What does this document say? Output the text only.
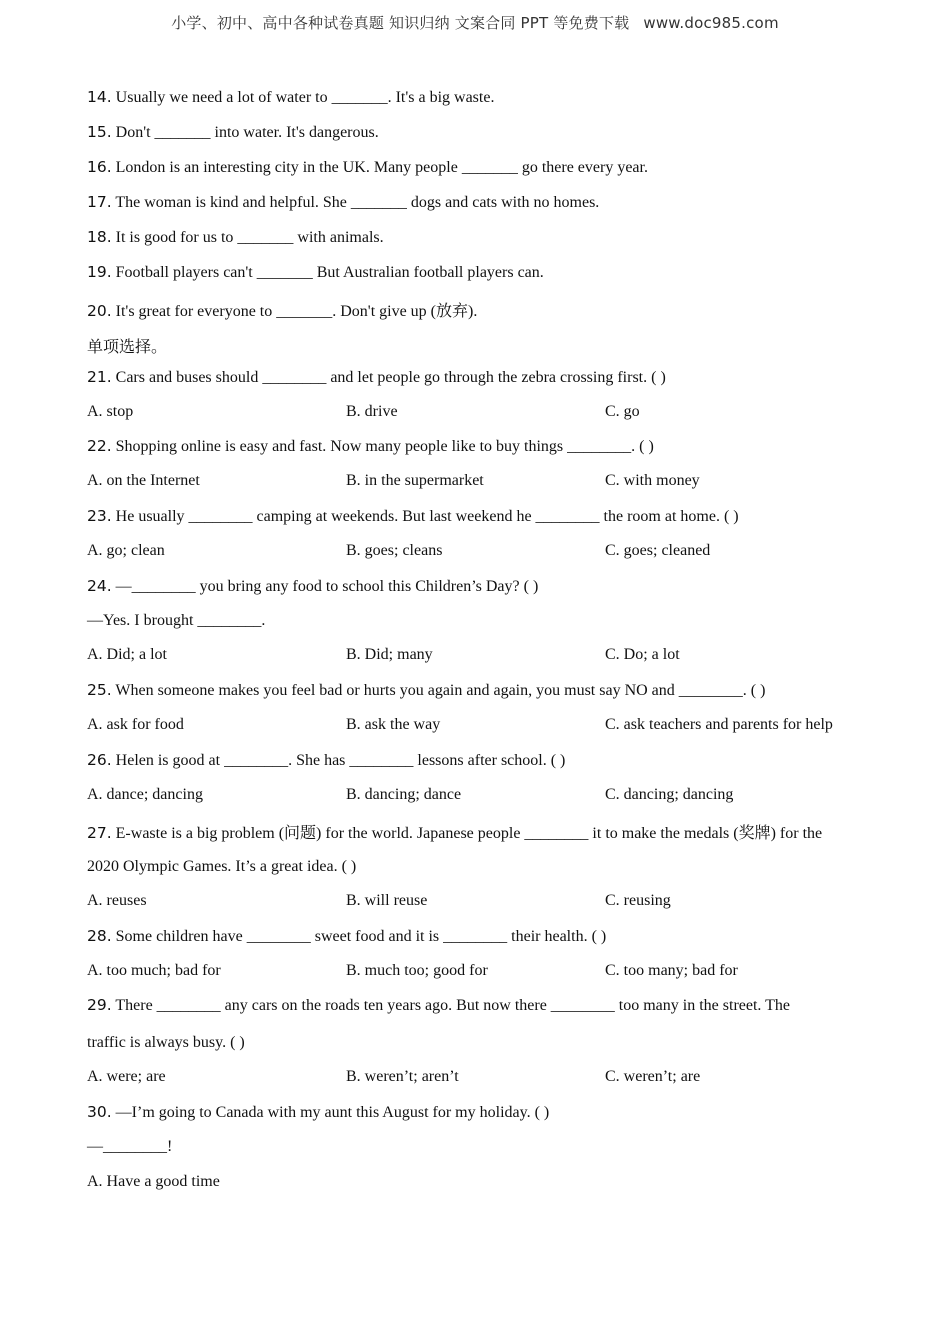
小学、初中、高中各种试卷真题 知识归纳 文案合同 PPT 等免费下载 www.doc985.com
14. Usually we need a lot of water to _______. It's a big waste.
15. Don't _______ into water. It's dangerous.
16. London is an interesting city in the UK. Many people _______ go there every year.
17. The woman is kind and helpful. She _______ dogs and cats with no homes.
18. It is good for us to _______ with animals.
19. Football players can't _______ But Australian football players can.
20. It's great for everyone to _______. Don't give up (放弃).
单项选择。
21. Cars and buses should ________ and let people go through the zebra crossing first. ( )
A. stop	B. drive	C. go
22. Shopping online is easy and fast. Now many people like to buy things ________. ( )
A. on the Internet	B. in the supermarket	C. with money
23. He usually ________ camping at weekends. But last weekend he ________ the room at home. ( )
A. go; clean	B. goes; cleans	C. goes; cleaned
24. —________ you bring any food to school this Children’s Day? ( )
—Yes. I brought ________.
A. Did; a lot	B. Did; many	C. Do; a lot
25. When someone makes you feel bad or hurts you again and again, you must say NO and ________. ( )
A. ask for food	B. ask the way	C. ask teachers and parents for help
26. Helen is good at ________. She has ________ lessons after school. ( )
A. dance; dancing	B. dancing; dance	C. dancing; dancing
27. E-waste is a big problem (问题) for the world. Japanese people ________ it to make the medals (奖牌) for the
2020 Olympic Games. It’s a great idea. ( )
A. reuses	B. will reuse	C. reusing
28. Some children have ________ sweet food and it is ________ their health. ( )
A. too much; bad for	B. much too; good for	C. too many; bad for
29. There ________ any cars on the roads ten years ago. But now there ________ too many in the street. The
traffic is always busy. ( )
A. were; are	B. weren’t; aren’t	C. weren’t; are
30. —I’m going to Canada with my aunt this August for my holiday. ( )
—________!
A. Have a good time
